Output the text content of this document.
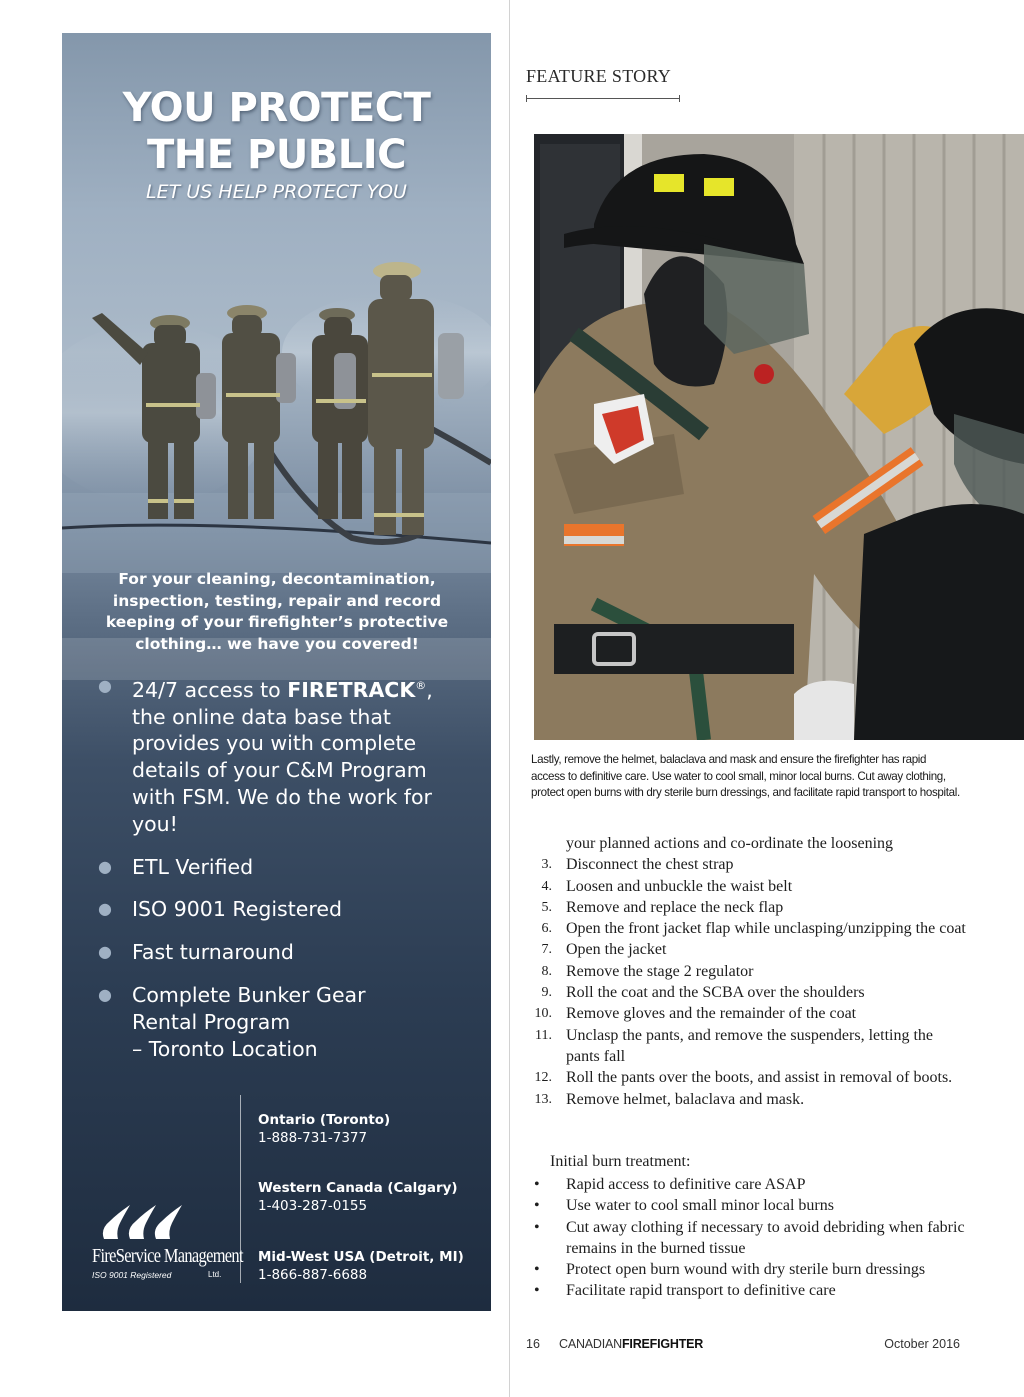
YOU PROTECT
THE PUBLIC
LET US HELP PROTECT YOU
For your cleaning, decontamination, inspection, testing, repair and record keeping of your firefighter’s protective clothing… we have you covered!
● 24/7 access to FIRETRACK®, the online data base that provides you with complete details of your C&M Program with FSM. We do the work for you!
● ETL Verified
● ISO 9001 Registered
● Fast turnaround
● Complete Bunker Gear
Rental Program
– Toronto Location
FireService Management
ISO 9001 Registered	Ltd.
Ontario (Toronto)
1-888-731-7377
Western Canada (Calgary)
1-403-287-0155
Mid-West USA (Detroit, MI)
1-866-887-6688
FEATURE STORY
Lastly, remove the helmet, balaclava and mask and ensure the firefighter has rapid access to definitive care. Use water to cool small, minor local burns. Cut away clothing, protect open burns with dry sterile burn dressings, and facilitate rapid transport to hospital.
your planned actions and co-ordinate the loosening
3. Disconnect the chest strap
4. Loosen and unbuckle the waist belt
5. Remove and replace the neck flap
6. Open the front jacket flap while unclasping/unzipping the coat
7. Open the jacket
8. Remove the stage 2 regulator
9. Roll the coat and the SCBA over the shoulders
10. Remove gloves and the remainder of the coat
11. Unclasp the pants, and remove the suspenders, letting the pants fall
12. Roll the pants over the boots, and assist in removal of boots.
13. Remove helmet, balaclava and mask.
Initial burn treatment:
• Rapid access to definitive care ASAP
• Use water to cool small minor local burns
• Cut away clothing if necessary to avoid debriding when fabric remains in the burned tissue
• Protect open burn wound with dry sterile burn dressings
• Facilitate rapid transport to definitive care
16 CANADIANFIREFIGHTER	October 2016
